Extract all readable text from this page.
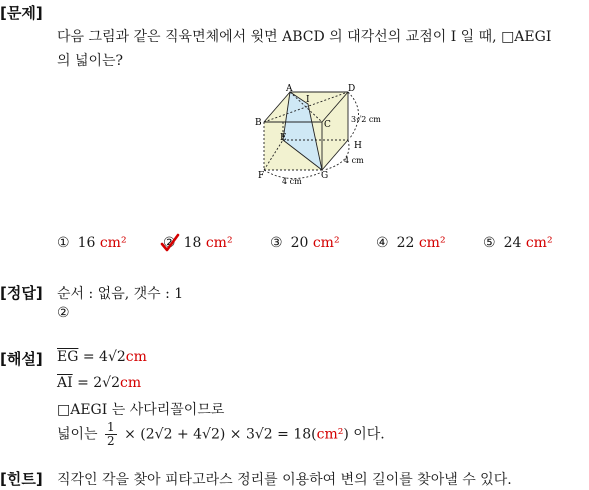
[문제]
다음 그림과 같은 직육면체에서 윗면 ABCD 의 대각선의 교점이 I 일 때, □AEGI
의 넓이는?
A
I
D
B	C
E
H
F	G
3√2 cm
4 cm
4 cm
① 16 cm²	② 18 cm²	③ 20 cm²	④ 22 cm²	⑤ 24 cm²
[정답] 순서 : 없음, 갯수 : 1
②
[해설] $\overline{EG} = 4√2cm$
$\overline{AI} = 2√2cm$
□AEGI 는 사다리꼴이므로
넓이는 $\frac{1}{2} \times (2√2 + 4√2) \times 3√2 = 18(cm^2)$ 이다.
[힌트] 직각인 각을 찾아 피타고라스 정리를 이용하여 변의 길이를 찾아낼 수 있다.
